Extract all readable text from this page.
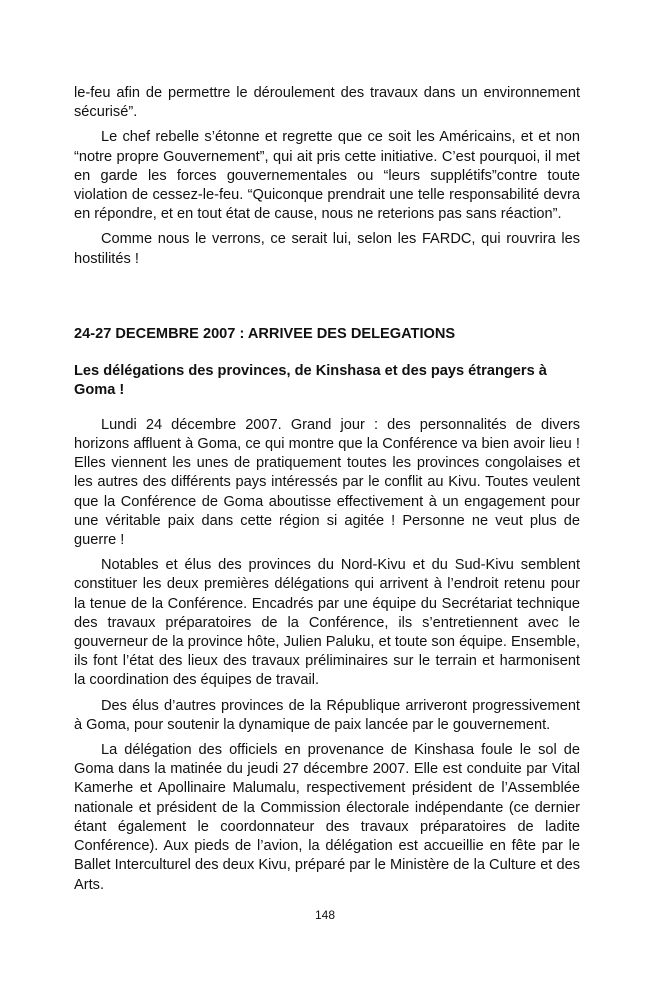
le-feu afin de permettre le déroulement des travaux dans un environnement sécurisé”.

Le chef rebelle s’étonne et regrette que ce soit les Américains, et et non “notre propre Gouvernement”, qui ait pris cette initiative. C’est pourquoi, il met en garde les forces gouvernementales ou “leurs supplétifs”contre toute violation de cessez-le-feu. “Quiconque prendrait une telle responsabilité devra en répondre, et en tout état de cause, nous ne reterions pas sans réaction”.

Comme nous le verrons, ce serait lui, selon les FARDC, qui rouvrira les hostilités !

24-27 DECEMBRE 2007 : ARRIVEE DES DELEGATIONS
Les délégations des provinces, de Kinshasa et des pays étrangers à Goma !

Lundi 24 décembre 2007. Grand jour : des personnalités de divers horizons affluent à Goma, ce qui montre que la Conférence va bien avoir lieu ! Elles viennent les unes de pratiquement toutes les provinces congolaises et les autres des différents pays intéressés par le conflit au Kivu. Toutes veulent que la Conférence de Goma aboutisse effectivement à un engagement pour une véritable paix dans cette région si agitée ! Personne ne veut plus de guerre !

Notables et élus des provinces du Nord-Kivu et du Sud-Kivu semblent constituer les deux premières délégations qui arrivent à l’endroit retenu pour la tenue de la Conférence. Encadrés par une équipe du Secrétariat technique des travaux préparatoires de la Conférence, ils s’entretiennent avec le gouverneur de la province hôte, Julien Paluku, et toute son équipe. Ensemble, ils font l’état des lieux des travaux préliminaires sur le terrain et harmonisent la coordination des équipes de travail.

Des élus d’autres provinces de la République arriveront progressivement à Goma, pour soutenir la dynamique de paix lancée par le gouvernement.

La délégation des officiels en provenance de Kinshasa foule le sol de Goma dans la matinée du jeudi 27 décembre 2007. Elle est conduite par Vital Kamerhe et Apollinaire Malumalu, respectivement président de l’Assemblée nationale et président de la Commission électorale indépendante (ce dernier étant également le coordonnateur des travaux préparatoires de ladite Conférence). Aux pieds de l’avion, la délégation est accueillie en fête par le Ballet Interculturel des deux Kivu, préparé par le Ministère de la Culture et des Arts.

148
